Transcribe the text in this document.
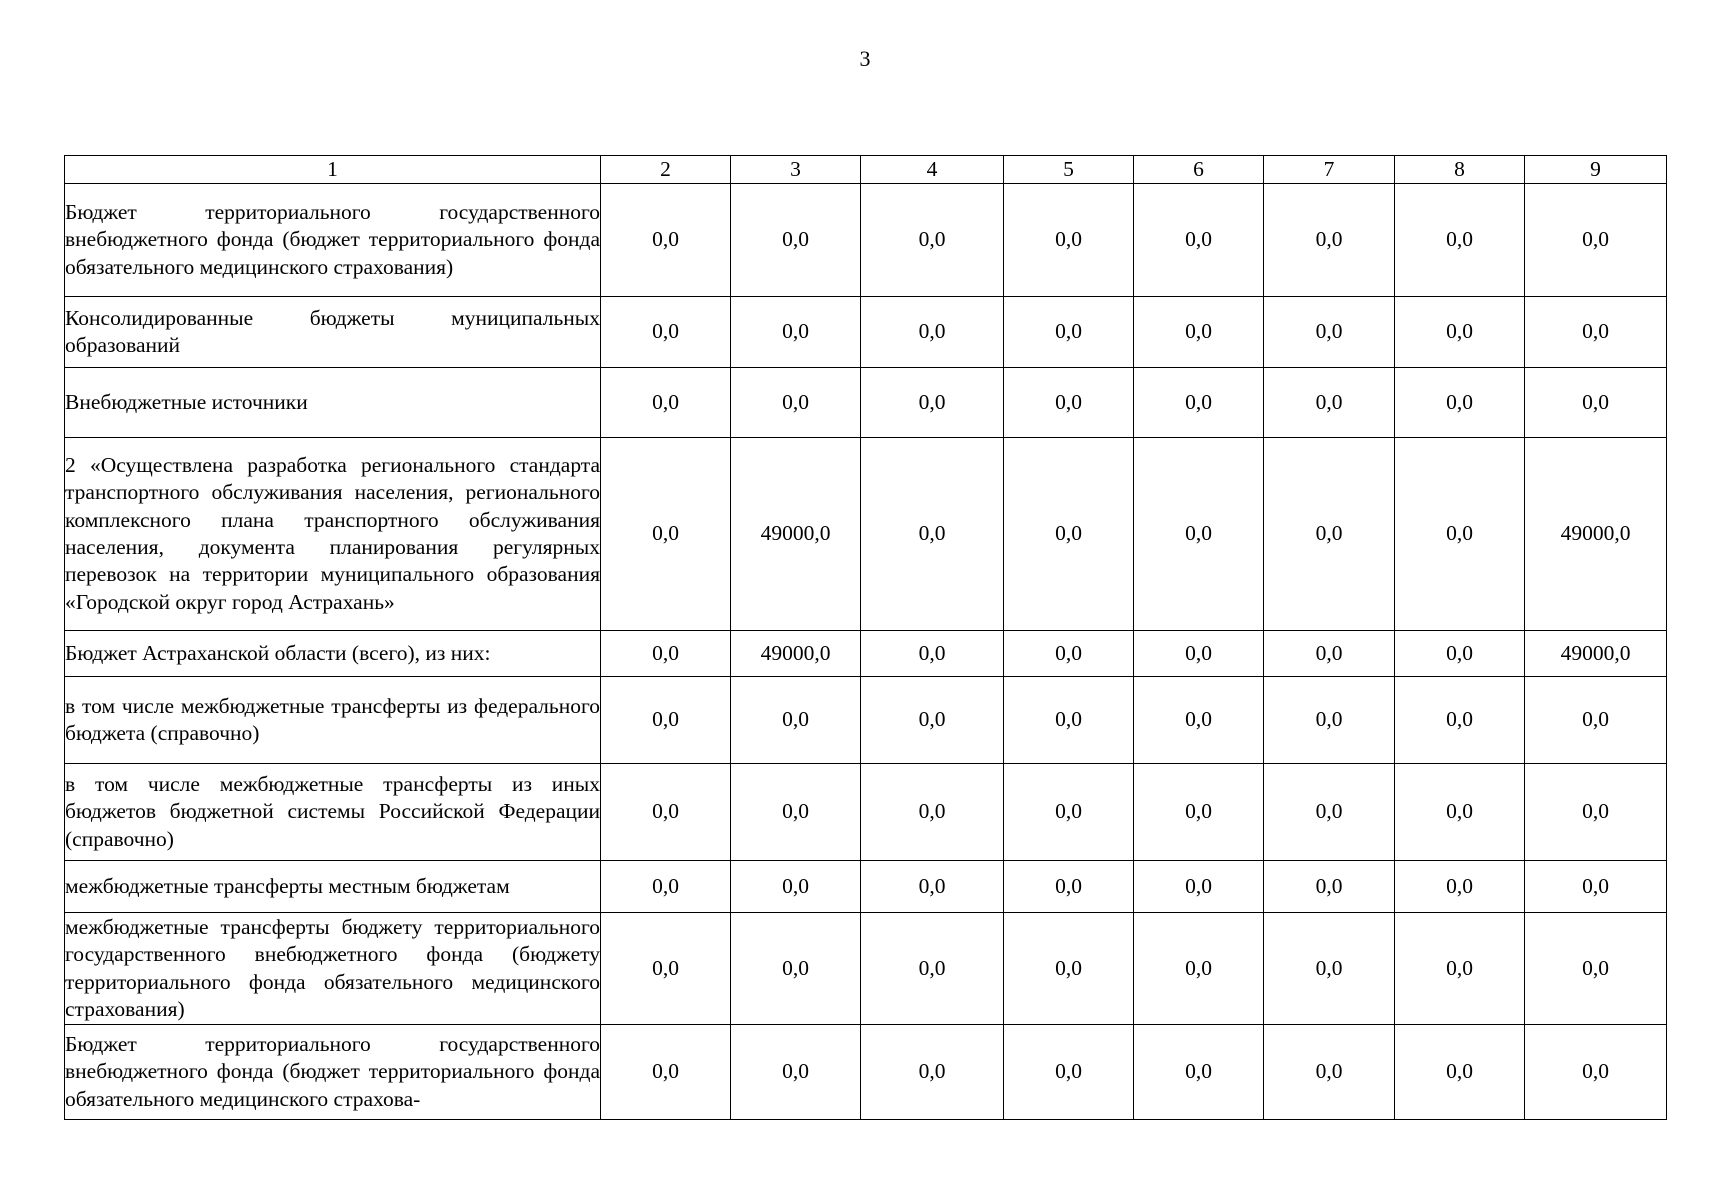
3
1	2	3	4	5	6	7	8	9
Бюджет территориального государственного внебюджетного фонда (бюджет территориального фонда обязательного медицинского страхования)	0,0	0,0	0,0	0,0	0,0	0,0	0,0	0,0
Консолидированные бюджеты муниципальных образований	0,0	0,0	0,0	0,0	0,0	0,0	0,0	0,0
Внебюджетные источники	0,0	0,0	0,0	0,0	0,0	0,0	0,0	0,0
2 «Осуществлена разработка регионального стандарта транспортного обслуживания населения, регионального комплексного плана транспортного обслуживания населения, документа планирования регулярных перевозок на территории муниципального образования «Городской округ город Астрахань»	0,0	49000,0	0,0	0,0	0,0	0,0	0,0	49000,0
Бюджет Астраханской области (всего), из них:	0,0	49000,0	0,0	0,0	0,0	0,0	0,0	49000,0
в том числе межбюджетные трансферты из федерального бюджета (справочно)	0,0	0,0	0,0	0,0	0,0	0,0	0,0	0,0
в том числе межбюджетные трансферты из иных бюджетов бюджетной системы Российской Федерации (справочно)	0,0	0,0	0,0	0,0	0,0	0,0	0,0	0,0
межбюджетные трансферты местным бюджетам	0,0	0,0	0,0	0,0	0,0	0,0	0,0	0,0
межбюджетные трансферты бюджету территориального государственного внебюджетного фонда (бюджету территориального фонда обязательного медицинского страхования)	0,0	0,0	0,0	0,0	0,0	0,0	0,0	0,0
Бюджет территориального государственного внебюджетного фонда (бюджет территориального фонда обязательного медицинского страхова-	0,0	0,0	0,0	0,0	0,0	0,0	0,0	0,0
